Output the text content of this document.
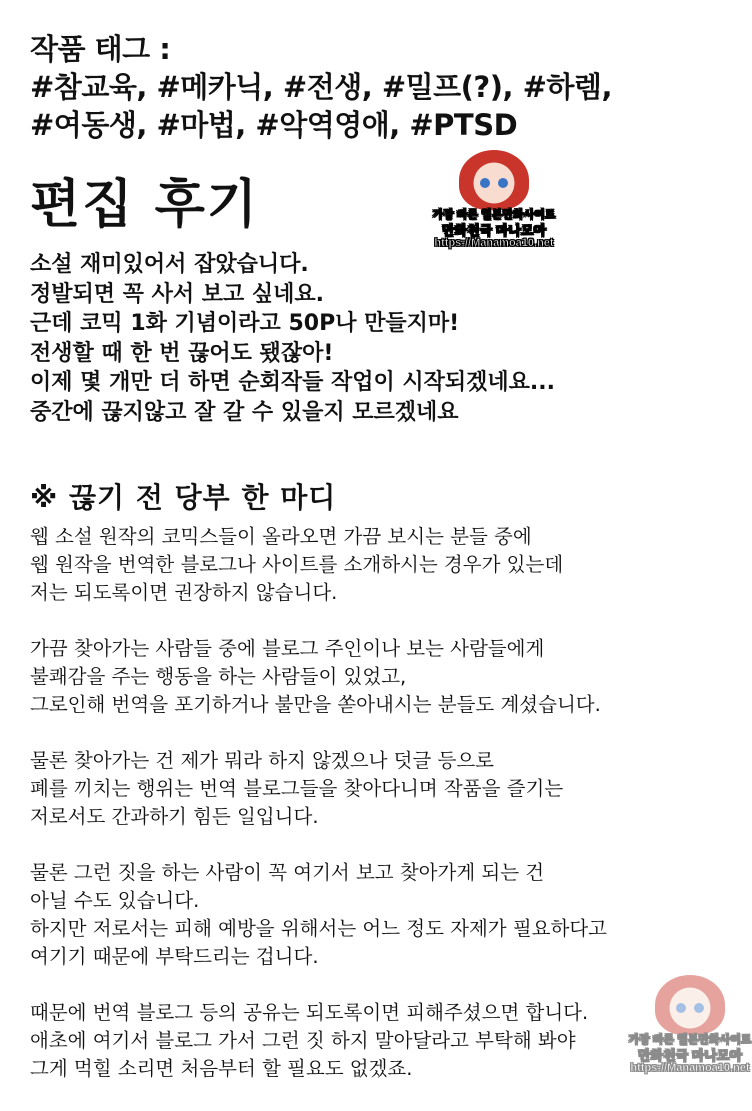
작품 태그 :
#참교육, #메카닉, #전생, #밀프(?), #하렘,
#여동생, #마법, #악역영애, #PTSD
편집 후기
소설 재미있어서 잡았습니다.
정발되면 꼭 사서 보고 싶네요.
근데 코믹 1화 기념이라고 50P나 만들지마!
전생할 때 한 번 끊어도 됐잖아!
이제 몇 개만 더 하면 순회작들 작업이 시작되겠네요...
중간에 끊지않고 잘 갈 수 있을지 모르겠네요
※ 끊기 전 당부 한 마디
웹 소설 원작의 코믹스들이 올라오면 가끔 보시는 분들 중에
웹 원작을 번역한 블로그나 사이트를 소개하시는 경우가 있는데
저는 되도록이면 권장하지 않습니다.
가끔 찾아가는 사람들 중에 블로그 주인이나 보는 사람들에게
불쾌감을 주는 행동을 하는 사람들이 있었고,
그로인해 번역을 포기하거나 불만을 쏟아내시는 분들도 계셨습니다.
물론 찾아가는 건 제가 뭐라 하지 않겠으나 덧글 등으로
폐를 끼치는 행위는 번역 블로그들을 찾아다니며 작품을 즐기는
저로서도 간과하기 힘든 일입니다.
물론 그런 짓을 하는 사람이 꼭 여기서 보고 찾아가게 되는 건
아닐 수도 있습니다.
하지만 저로서는 피해 예방을 위해서는 어느 정도 자제가 필요하다고
여기기 때문에 부탁드리는 겁니다.
때문에 번역 블로그 등의 공유는 되도록이면 피해주셨으면 합니다.
애초에 여기서 블로그 가서 그런 짓 하지 말아달라고 부탁해 봐야
그게 먹힐 소리면 처음부터 할 필요도 없겠죠.
가장 빠른 일본만화사이트
만화천국 마나모아
https://Manamoa10.net
가장 빠른 일본만화사이트
만화천국 마나모아
https://Manamoa10.net
